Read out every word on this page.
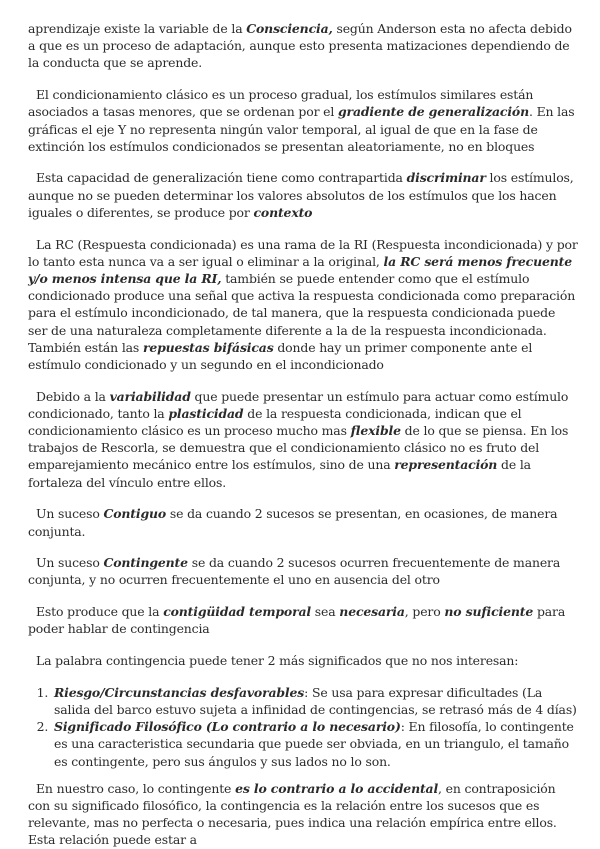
aprendizaje existe la variable de la Consciencia, según Anderson esta no afecta debido a que es un proceso de adaptación, aunque esto presenta matizaciones dependiendo de la conducta que se aprende.

El condicionamiento clásico es un proceso gradual, los estímulos similares están asociados a tasas menores, que se ordenan por el gradiente de generalización. En las gráficas el eje Y no representa ningún valor temporal, al igual de que en la fase de extinción los estímulos condicionados se presentan aleatoriamente, no en bloques

Esta capacidad de generalización tiene como contrapartida discriminar los estímulos, aunque no se pueden determinar los valores absolutos de los estímulos que los hacen iguales o diferentes, se produce por contexto

La RC (Respuesta condicionada) es una rama de la RI (Respuesta incondicionada) y por lo tanto esta nunca va a ser igual o eliminar a la original, la RC será menos frecuente y/o menos intensa que la RI, también se puede entender como que el estímulo condicionado produce una señal que activa la respuesta condicionada como preparación para el estímulo incondicionado, de tal manera, que la respuesta condicionada puede ser de una naturaleza completamente diferente a la de la respuesta incondicionada. También están las repuestas bifásicas donde hay un primer componente ante el estímulo condicionado y un segundo en el incondicionado

Debido a la variabilidad que puede presentar un estímulo para actuar como estímulo condicionado, tanto la plasticidad de la respuesta condicionada, indican que el condicionamiento clásico es un proceso mucho mas flexible de lo que se piensa. En los trabajos de Rescorla, se demuestra que el condicionamiento clásico no es fruto del emparejamiento mecánico entre los estímulos, sino de una representación de la fortaleza del vínculo entre ellos.

Un suceso Contiguo se da cuando 2 sucesos se presentan, en ocasiones, de manera conjunta.

Un suceso Contingente se da cuando 2 sucesos ocurren frecuentemente de manera conjunta, y no ocurren frecuentemente el uno en ausencia del otro

Esto produce que la contigüidad temporal sea necesaria, pero no suficiente para poder hablar de contingencia

La palabra contingencia puede tener 2 más significados que no nos interesan:

1. Riesgo/Circunstancias desfavorables: Se usa para expresar dificultades (La salida del barco estuvo sujeta a infinidad de contingencias, se retrasó más de 4 días)
2. Significado Filosófico (Lo contrario a lo necesario): En filosofía, lo contingente es una caracteristica secundaria que puede ser obviada, en un triangulo, el tamaño es contingente, pero sus ángulos y sus lados no lo son.

En nuestro caso, lo contingente es lo contrario a lo accidental, en contraposición con su significado filosófico, la contingencia es la relación entre los sucesos que es relevante, mas no perfecta o necesaria, pues indica una relación empírica entre ellos. Esta relación puede estar a
